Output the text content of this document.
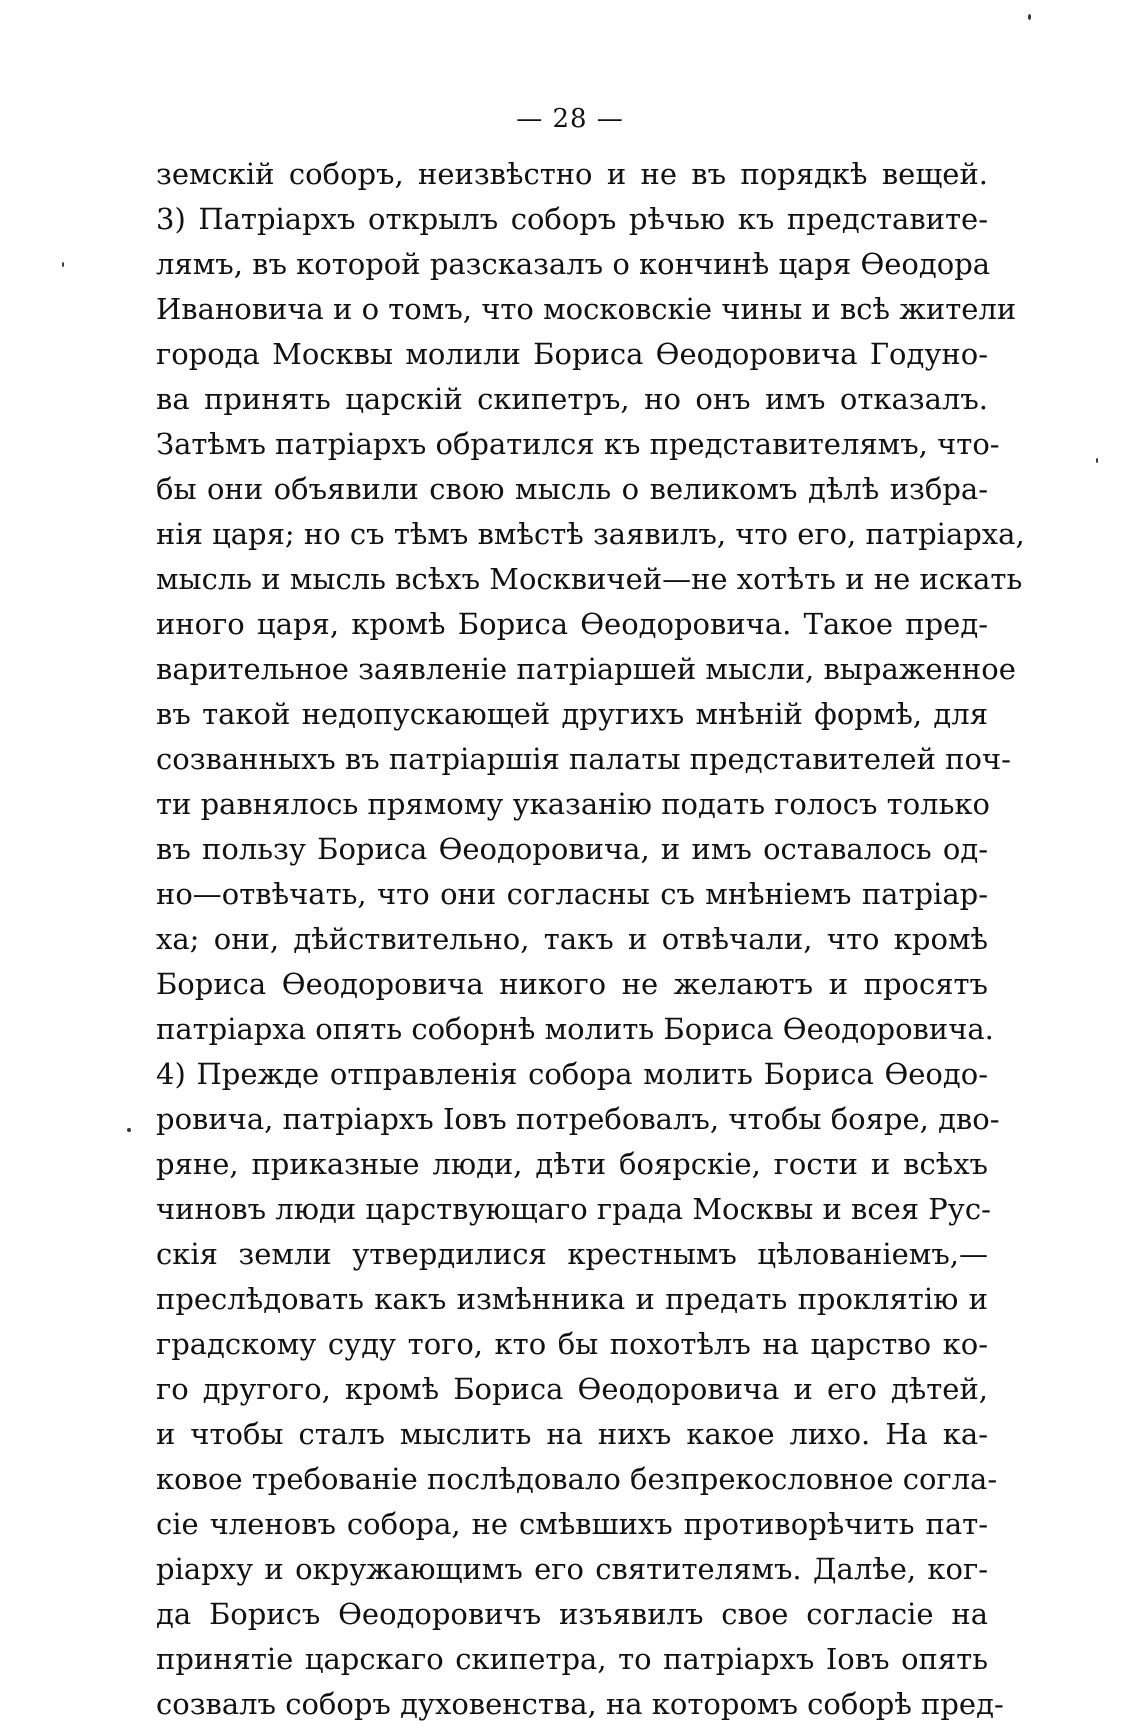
— 28 —
земскій соборъ, неизвѣстно и не въ порядкѣ вещей.
3) Патріархъ открылъ соборъ рѣчью къ представите-
лямъ, въ которой разсказалъ о кончинѣ царя Ѳеодора
Ивановича и о томъ, что московскіе чины и всѣ жители
города Москвы молили Бориса Ѳеодоровича Годуно-
ва принять царскій скипетръ, но онъ имъ отказалъ.
Затѣмъ патріархъ обратился къ представителямъ, что-
бы они объявили свою мысль о великомъ дѣлѣ избра-
нія царя; но съ тѣмъ вмѣстѣ заявилъ, что его, патріарха,
мысль и мысль всѣхъ Москвичей—не хотѣть и не искать
иного царя, кромѣ Бориса Ѳеодоровича. Такое пред-
варительное заявленіе патріаршей мысли, выраженное
въ такой недопускающей другихъ мнѣній формѣ, для
созванныхъ въ патріаршія палаты представителей поч-
ти равнялось прямому указанію подать голосъ только
въ пользу Бориса Ѳеодоровича, и имъ оставалось од-
но—отвѣчать, что они согласны съ мнѣніемъ патріар-
ха; они, дѣйствительно, такъ и отвѣчали, что кромѣ
Бориса Ѳеодоровича никого не желаютъ и просятъ
патріарха опять соборнѣ молить Бориса Ѳеодоровича.
4) Прежде отправленія собора молить Бориса Ѳеодо-
ровича, патріархъ Іовъ потребовалъ, чтобы бояре, дво-
ряне, приказные люди, дѣти боярскіе, гости и всѣхъ
чиновъ люди царствующаго града Москвы и всея Рус-
скія земли утвердилися крестнымъ цѣлованіемъ,—
преслѣдовать какъ измѣнника и предать проклятію и
градскому суду того, кто бы похотѣлъ на царство ко-
го другого, кромѣ Бориса Ѳеодоровича и его дѣтей,
и чтобы сталъ мыслить на нихъ какое лихо. На ка-
ковое требованіе послѣдовало безпрекословное согла-
сіе членовъ собора, не смѣвшихъ противорѣчить пат-
ріарху и окружающимъ его святителямъ. Далѣе, ког-
да Борисъ Ѳеодоровичъ изъявилъ свое согласіе на
принятіе царскаго скипетра, то патріархъ Іовъ опять
созвалъ соборъ духовенства, на которомъ соборѣ пред-
